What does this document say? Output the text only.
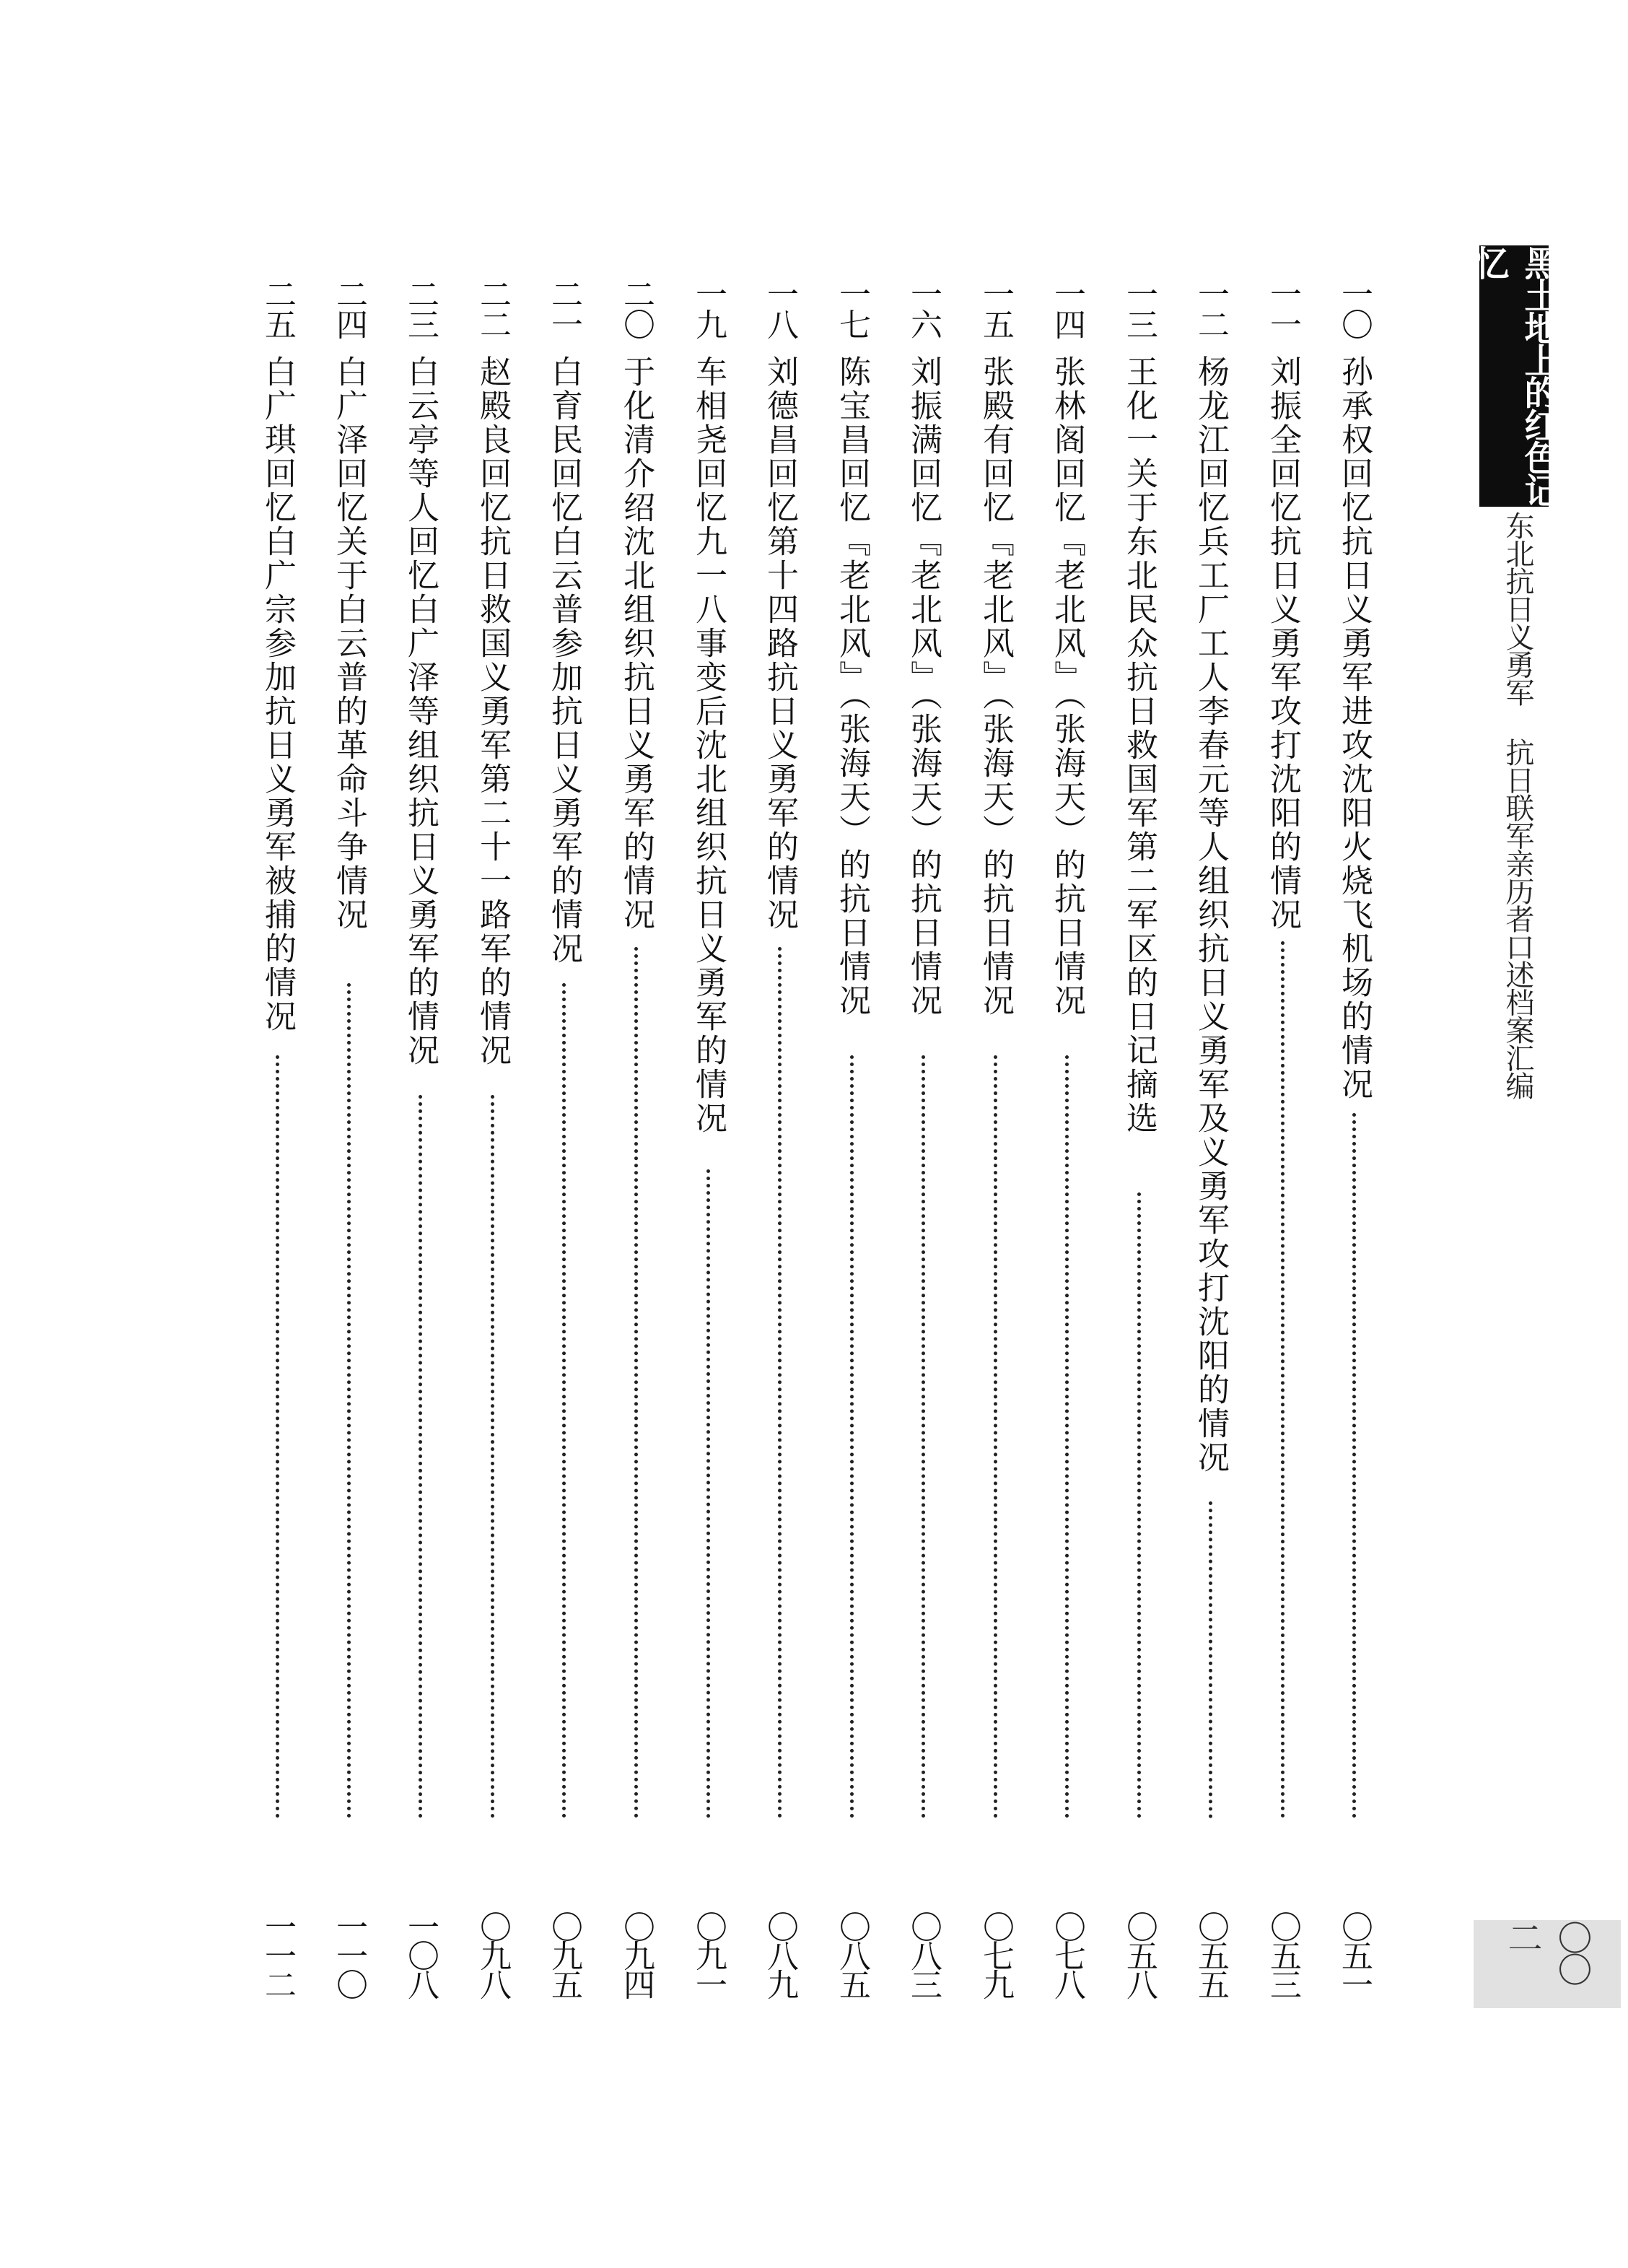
黑土地上的红色记忆
东北抗日义勇军 抗日联军亲历者口述档案汇编
〇〇二
一〇
孙承权回忆抗日义勇军进攻沈阳火烧飞机场的情况
〇五一
一一
刘振全回忆抗日义勇军攻打沈阳的情况
〇五三
一二
杨龙江回忆兵工厂工人李春元等人组织抗日义勇军及义勇军攻打沈阳的情况
〇五五
一三
王化一关于东北民众抗日救国军第二军区的日记摘选
〇五八
一四
张林阁回忆『老北风』（张海天）的抗日情况
〇七八
一五
张殿有回忆『老北风』（张海天）的抗日情况
〇七九
一六
刘振满回忆『老北风』（张海天）的抗日情况
〇八三
一七
陈宝昌回忆『老北风』（张海天）的抗日情况
〇八五
一八
刘德昌回忆第十四路抗日义勇军的情况
〇八九
一九
车相尧回忆九一八事变后沈北组织抗日义勇军的情况
〇九一
二〇
于化清介绍沈北组织抗日义勇军的情况
〇九四
二一
白育民回忆白云普参加抗日义勇军的情况
〇九五
二二
赵殿良回忆抗日救国义勇军第二十一路军的情况
〇九八
二三
白云亭等人回忆白广泽等组织抗日义勇军的情况
一〇八
二四
白广泽回忆关于白云普的革命斗争情况
一一〇
二五
白广琪回忆白广宗参加抗日义勇军被捕的情况
一一二
